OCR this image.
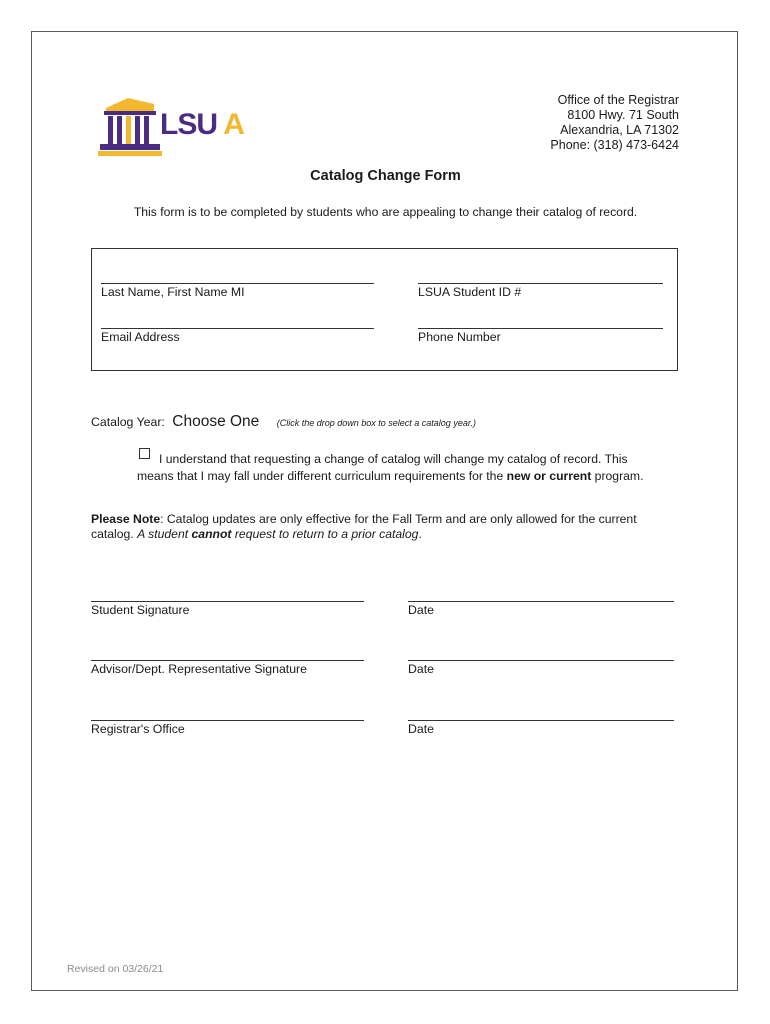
LSU A
Office of the Registrar
8100 Hwy. 71 South
Alexandria, LA 71302
Phone: (318) 473-6424
Catalog Change Form
This form is to be completed by students who are appealing to change their catalog of record.
Last Name, First Name MI	LSUA Student ID #
Email Address	Phone Number
Catalog Year: Choose One (Click the drop down box to select a catalog year.)
I understand that requesting a change of catalog will change my catalog of record. This
means that I may fall under different curriculum requirements for the new or current program.
Please Note: Catalog updates are only effective for the Fall Term and are only allowed for the current catalog. A student cannot request to return to a prior catalog.
Student Signature	Date
Advisor/Dept. Representative Signature	Date
Registrar's Office	Date
Revised on 03/26/21
